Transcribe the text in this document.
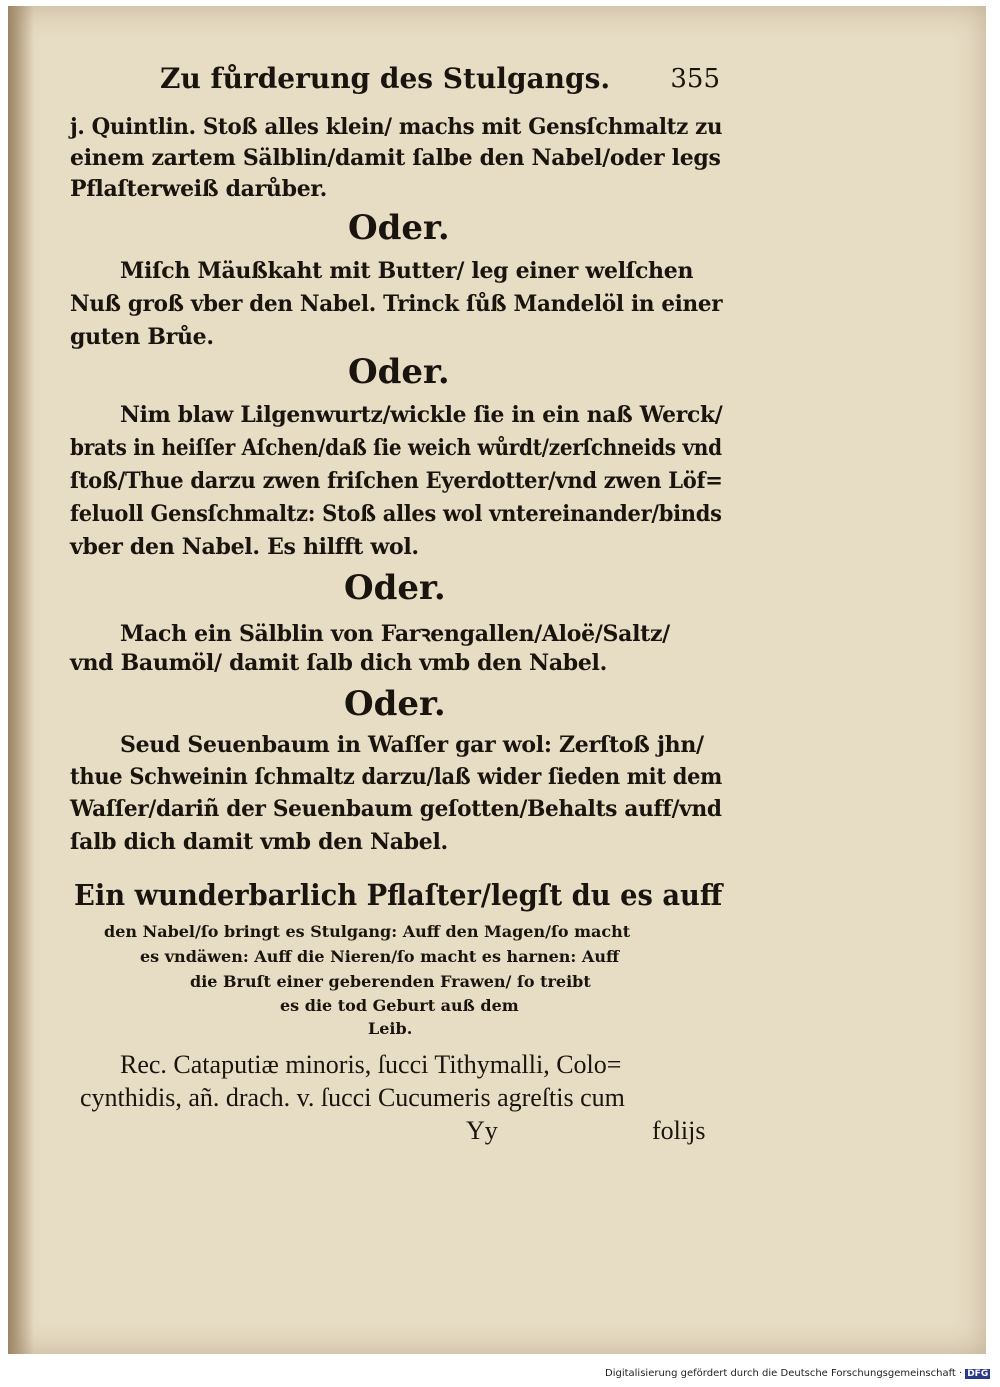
Zu fůrderung des Stulgangs. 355
j. Quintlin. Stoß alles klein/ machs mit Gensſchmaltz zu
einem zartem Sälblin/damit ſalbe den Nabel/oder legs
Pflaſterweiß darůber.
Oder.
Miſch Mäußkaht mit Butter/ leg einer welſchen
Nuß groß vber den Nabel. Trinck ſůß Mandelöl in einer
guten Brůe.
Oder.
Nim blaw Lilgenwurtz/wickle ſie in ein naß Werck/
brats in heiſſer Aſchen/daß ſie weich wůrdt/zerſchneids vnd
ſtoß/Thue darzu zwen friſchen Eyerdotter/vnd zwen Löf=
feluoll Gensſchmaltz: Stoß alles wol vntereinander/binds
vber den Nabel. Es hilfft wol.
Oder.
Mach ein Sälblin von Farꝛengallen/Aloë/Saltz/
vnd Baumöl/ damit ſalb dich vmb den Nabel.
Oder.
Seud Seuenbaum in Waſſer gar wol: Zerſtoß jhn/
thue Schweinin ſchmaltz darzu/laß wider ſieden mit dem
Waſſer/dariñ der Seuenbaum geſotten/Behalts auff/vnd
ſalb dich damit vmb den Nabel.
Ein wunderbarlich Pflaſter/legſt du es auff
den Nabel/ſo bringt es Stulgang: Auff den Magen/ſo macht
es vndäwen: Auff die Nieren/ſo macht es harnen: Auff
die Bruſt einer geberenden Frawen/ ſo treibt
es die tod Geburt auß dem
Leib.
Rec. Cataputiæ minoris, ſucci Tithymalli, Colo=
cynthidis, añ. drach. v. ſucci Cucumeris agreſtis cum
Yy	folijs
Digitalisierung gefördert durch die Deutsche Forschungsgemeinschaft · DFG
